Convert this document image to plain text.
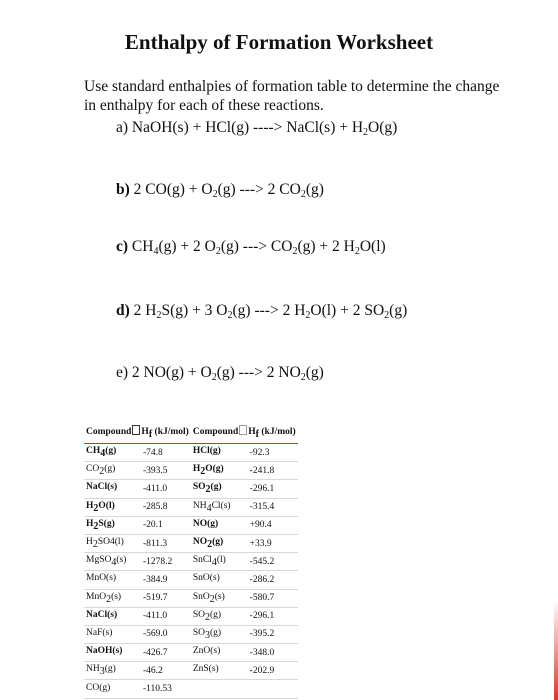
Enthalpy of Formation Worksheet
Use standard enthalpies of formation table to determine the change in enthalpy for each of these reactions.
a) NaOH(s) + HCl(g) ----> NaCl(s) + $H_2O(g)$
b) 2 $CO(g) + O_2(g)$ ---> 2 $CO_2(g)$
c) $CH_4(g) + 2$ $O_2(g)$ ---> $CO_2(g) + 2$ $H_2O(l)$
d) 2 $H_2S(g) + 3$ $O_2(g)$ ---> 2 $H_2O(l) + 2$ $SO_2(g)$
e) 2 $NO(g) + O_2(g)$ ---> 2 $NO_2(g)$
Compound $H_f$ (kJ/mol)		Compound $H_f$ (kJ/mol)	
$CH_4(g)$	-74.8	HCl(g)	-92.3
$CO_2(g)$	-393.5	$H_2O(g)$	-241.8
NaCl(s)	-411.0	$SO_2(g)$	-296.1
$H_2O(l)$	-285.8	$NH_4Cl(s)$	-315.4
$H_2S(g)$	-20.1	NO(g)	+90.4
$H_2SO4(l)$	-811.3	$NO_2(g)$	+33.9
MgSO$_4$(s)	-1278.2	SnCl$_4$(l)	-545.2
MnO(s)	-384.9	SnO(s)	-286.2
MnO$_2$(s)	-519.7	SnO$_2$(s)	-580.7
NaCl(s)	-411.0	$SO_2(g)$	-296.1
NaF(s)	-569.0	$SO_3(g)$	-395.2
NaOH(s)	-426.7	ZnO(s)	-348.0
$NH_3(g)$	-46.2	ZnS(s)	-202.9
CO(g)	-110.53		
